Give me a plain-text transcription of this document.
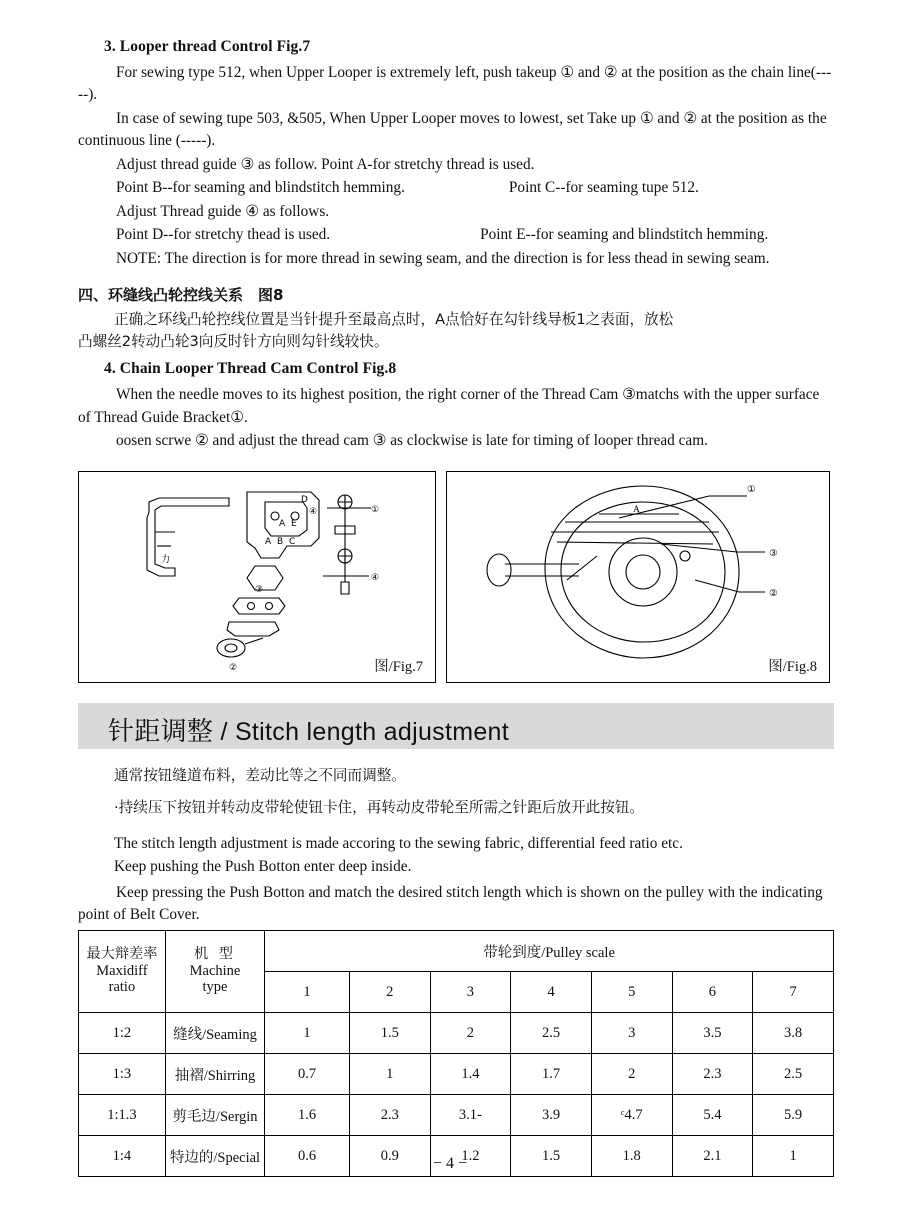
3. Looper thread Control Fig.7

For sewing type 512, when Upper Looper is extremely left, push takeup ① and ② at the position as the chain line(-----).

In case of sewing tupe 503, &505, When Upper Looper moves to lowest, set Take up ① and ② at the position as the continuous line (-----).

Adjust thread guide ③ as follow. Point A-for stretchy thread is used.

Point B--for seaming and blindstitch hemming.	Point C--for seaming tupe 512.

Adjust Thread guide ④ as follows.

Point D--for stretchy thead is used.	Point E--for seaming and blindstitch hemming.

NOTE: The direction is for more thread in sewing seam, and the direction is for less thead in sewing seam.

四、环缝线凸轮控线关系　图8

正确之环线凸轮控线位置是当针提升至最高点时，A点恰好在勾针线导板1之表面，放松

凸螺丝2转动凸轮3向反时针方向则勾针线较快。

4. Chain Looper Thread Cam Control Fig.8

When the needle moves to its highest position, the right corner of the Thread Cam ③matchs with the upper surface of Thread Guide Bracket①.

oosen scrwe ② and adjust the thread cam ③ as clockwise is late for timing of looper thread cam.

力
D
④
A E
A B C
③
①
④
②	图/Fig.7
①
③
②
A
图/Fig.8
针距调整 / Stitch length adjustment

通常按钮缝道布料，差动比等之不同而调整。

·持续压下按钮并转动皮带轮使钮卡住，再转动皮带轮至所需之针距后放开此按钮。

The stitch length adjustment is made accoring to the sewing fabric, differential feed ratio etc.

Keep pushing the Push Botton enter deep inside.

Keep pressing the Push Botton and match the desired stitch length which is shown on the pulley with the indicating point of Belt Cover.

最大辩差率
Maxidiff
ratio

机 型
Machine
type
	带轮到度/Pulley scale
		1	2	3	4	5	6	7
1:2	缝线/Seaming	1	1.5	2	2.5	3	3.5	3.8
1:3	抽褶/Shirring	0.7	1	1.4	1.7	2	2.3	2.5
1:1.3	剪毛边/Sergin	1.6	2.3	3.1-	3.9	ᶜ4.7	5.4	5.9
1:4	特边的/Special	0.6	0.9	1.2	1.5	1.8	2.1	1
− 4 −
